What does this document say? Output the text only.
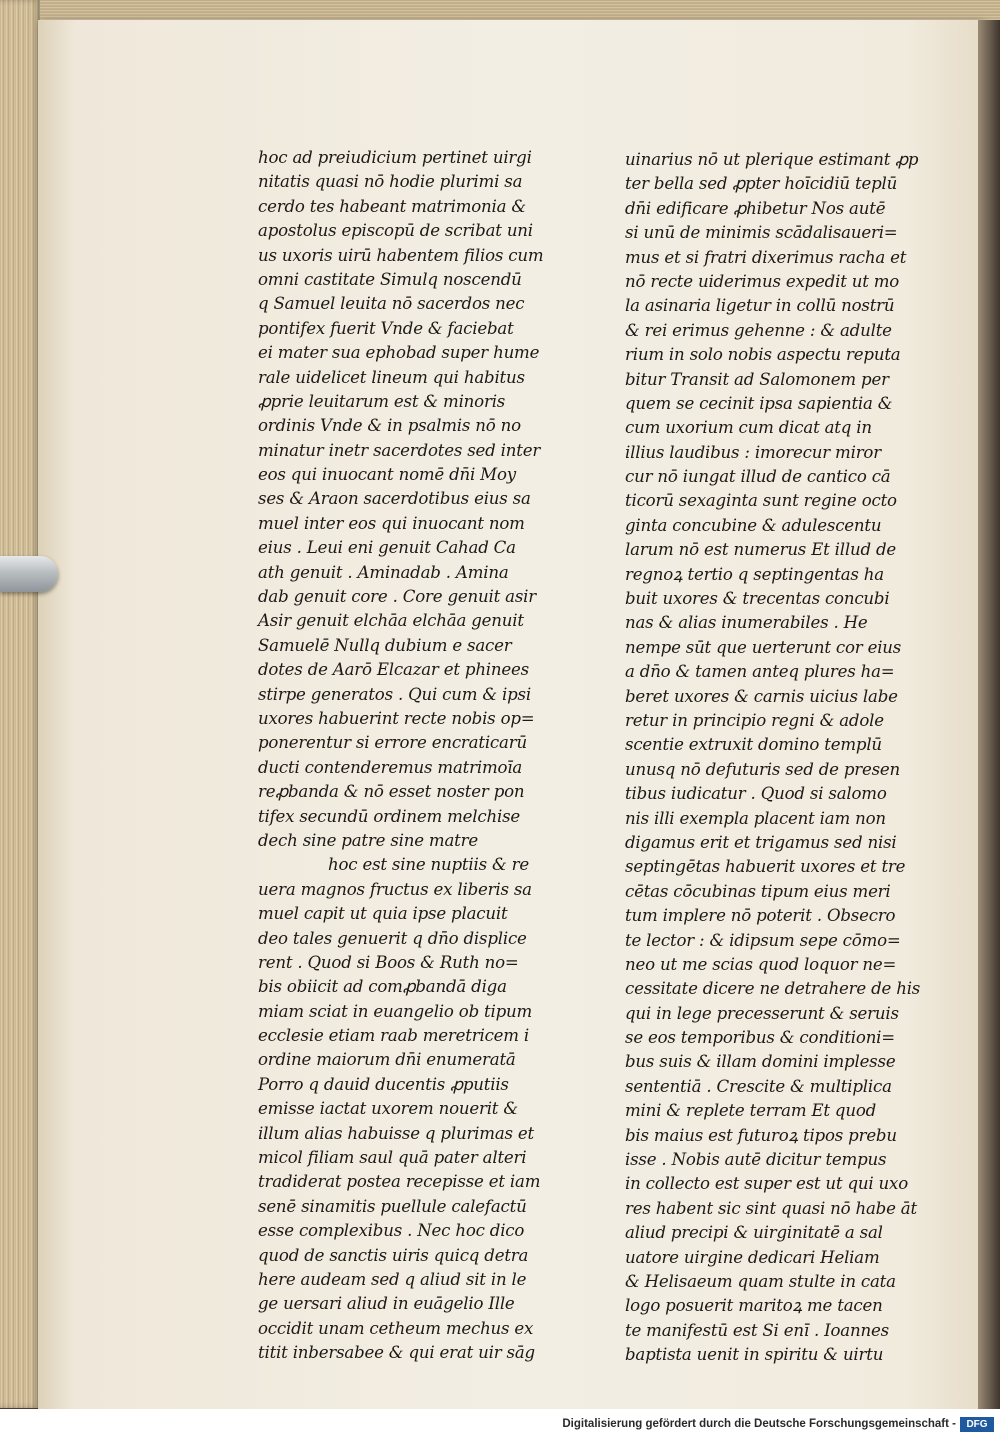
hoc ad preiudicium pertinet uirgi
nitatis quasi nō hodie plurimi sa
cerdo tes habeant matrimonia &
apostolus episcopū de scribat uni
us uxoris uirū habentem filios cum
omni castitate Simulq noscendū
q Samuel leuita nō sacerdos nec
pontifex fuerit Vnde & faciebat
ei mater sua ephobad super hume
rale uidelicet lineum qui habitus
ꝓprie leuitarum est & minoris
ordinis Vnde & in psalmis nō no
minatur inetr sacerdotes sed inter
eos qui inuocant nomē dn̄i Moy
ses & Araon sacerdotibus eius sa
muel inter eos qui inuocant nom
eius . Leui eni genuit Cahad Ca
ath genuit . Aminadab . Amina
dab genuit core . Core genuit asir
Asir genuit elchāa elchāa genuit
Samuelē Nullq dubium e sacer
dotes de Aarō Elcazar et phinees
stirpe generatos . Qui cum & ipsi
uxores habuerint recte nobis op=
ponerentur si errore encraticarū
ducti contenderemus matrimoīa
reꝓbanda & nō esset noster pon
tifex secundū ordinem melchise
dech sine patre sine matre
hoc est sine nuptiis & re
uera magnos fructus ex liberis sa
muel capit ut quia ipse placuit
deo tales genuerit q dn̄o displice
rent . Quod si Boos & Ruth no=
bis obiicit ad comꝓbandā diga
miam sciat in euangelio ob tipum
ecclesie etiam raab meretricem i
ordine maiorum dn̄i enumeratā
Porro q dauid ducentis ꝓputiis
emisse iactat uxorem nouerit &
illum alias habuisse q plurimas et
micol filiam saul quā pater alteri
tradiderat postea recepisse et iam
senē sinamitis puellule calefactū
esse complexibus . Nec hoc dico
quod de sanctis uiris quicq detra
here audeam sed q aliud sit in le
ge uersari aliud in euāgelio Ille
occidit unam cetheum mechus ex
titit inbersabee & qui erat uir sāg
uinarius nō ut plerique estimant ꝓp
ter bella sed ꝓpter hoīcidiū teplū
dn̄i edificare ꝓhibetur Nos autē
si unū de minimis scādalisaueri=
mus et si fratri dixerimus racha et
nō recte uiderimus expedit ut mo
la asinaria ligetur in collū nostrū
& rei erimus gehenne : & adulte
rium in solo nobis aspectu reputa
bitur Transit ad Salomonem per
quem se cecinit ipsa sapientia &
cum uxorium cum dicat atq in
illius laudibus : imorecur miror
cur nō iungat illud de cantico cā
ticorū sexaginta sunt regine octo
ginta concubine & adulescentu
larum nō est numerus Et illud de
regnoꝝ tertio q septingentas ha
buit uxores & trecentas concubi
nas & alias inumerabiles . He
nempe sūt que uerterunt cor eius
a dn̄o & tamen anteq plures ha=
beret uxores & carnis uicius labe
retur in principio regni & adole
scentie extruxit domino templū
unusq nō defuturis sed de presen
tibus iudicatur . Quod si salomo
nis illi exempla placent iam non
digamus erit et trigamus sed nisi
septingētas habuerit uxores et tre
cētas cōcubinas tipum eius meri
tum implere nō poterit . Obsecro
te lector : & idipsum sepe cōmo=
neo ut me scias quod loquor ne=
cessitate dicere ne detrahere de his
qui in lege precesserunt & seruis
se eos temporibus & conditioni=
bus suis & illam domini implesse
sententiā . Crescite & multiplica
mini & replete terram Et quod
bis maius est futuroꝝ tipos prebu
isse . Nobis autē dicitur tempus
in collecto est super est ut qui uxo
res habent sic sint quasi nō habe āt
aliud precipi & uirginitatē a sal
uatore uirgine dedicari Heliam
& Helisaeum quam stulte in cata
logo posuerit maritoꝝ me tacen
te manifestū est Si enī . Ioannes
baptista uenit in spiritu & uirtu
Digitalisierung gefördert durch die Deutsche Forschungsgemeinschaft -	DFG
